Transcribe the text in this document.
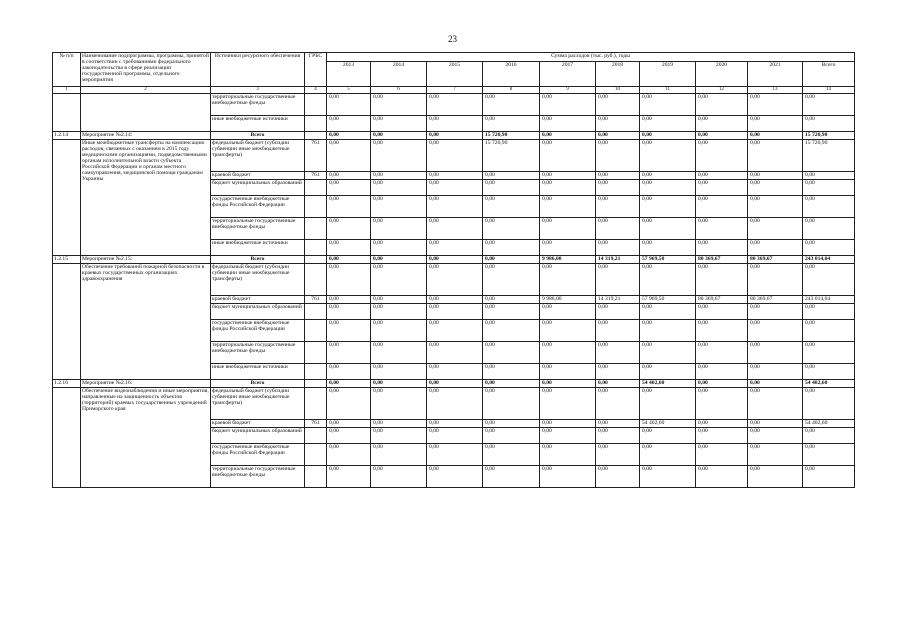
23
№ п/п	Наименование подпрограммы, программы, принятой в соответствии с требованиями федерального законодательства в сфере реализации государственной программы, отдельного мероприятия	Источники ресурсного обеспечения	ГРБС	Сумма расходов (тыс. руб.), годы									
				2013	2014	2015	2016	2017	2018	2019	2020	2021	Всего
1	2	3	4	5	6	7	8	9	10	11	12	13	14
		территориальные государственные внебюджетные фонды		0,00	0,00	0,00	0,00	0,00	0,00	0,00	0,00	0,00	0,00
		иные внебюджетные источники		0,00	0,00	0,00	0,00	0,00	0,00	0,00	0,00	0,00	0,00
1.2.14	Мероприятие №2.14:	Всего		0,00	0,00	0,00	15 720,90	0,00	0,00	0,00	0,00	0,00	15 720,90
	Иные межбюджетные трансферты на компенсацию расходов, связанных с оказанием в 2015 году медицинскими организациями, подведомственными органам исполнительной власти субъекта Российской Федерации и органам местного самоуправления, медицинской помощи гражданам Украины	федеральный бюджет (субсидии субвенции иные межбюджетные трансферты)	761	0,00	0,00	0,00	15 720,90	0,00	0,00	0,00	0,00	0,00	15 720,90
		краевой бюджет	761	0,00	0,00	0,00	0,00	0,00	0,00	0,00	0,00	0,00	0,00
		бюджет муниципальных образований		0,00	0,00	0,00	0,00	0,00	0,00	0,00	0,00	0,00	0,00
		государственные внебюджетные фонды Российской Федерации		0,00	0,00	0,00	0,00	0,00	0,00	0,00	0,00	0,00	0,00
		территориальные государственные внебюджетные фонды		0,00	0,00	0,00	0,00	0,00	0,00	0,00	0,00	0,00	0,00
		иные внебюджетные источники		0,00	0,00	0,00	0,00	0,00	0,00	0,00	0,00	0,00	0,00
1.2.15	Мероприятие №2.15:	Всего		0,00	0,00	0,00	0,00	9 986,00	14 319,21	57 969,50	80 369,67	80 369,67	243 014,04
	Обеспечение требований пожарной безопасности в краевых государственных организациях здравоохранения	федеральный бюджет (субсидии субвенции иные межбюджетные трансферты)		0,00	0,00	0,00	0,00	0,00	0,00	0,00	0,00	0,00	0,00
		краевой бюджет	761	0,00	0,00	0,00	0,00	9 986,00	14 319,21	57 969,50	80 369,67	80 369,67	243 014,04
		бюджет муниципальных образований		0,00	0,00	0,00	0,00	0,00	0,00	0,00	0,00	0,00	0,00
		государственные внебюджетные фонды Российской Федерации		0,00	0,00	0,00	0,00	0,00	0,00	0,00	0,00	0,00	0,00
		территориальные государственные внебюджетные фонды		0,00	0,00	0,00	0,00	0,00	0,00	0,00	0,00	0,00	0,00
		иные внебюджетные источники		0,00	0,00	0,00	0,00	0,00	0,00	0,00	0,00	0,00	0,00
1.2.16	Мероприятие №2.16:	Всего		0,00	0,00	0,00	0,00	0,00	0,00	54 402,60	0,00	0,00	54 402,60
	Обеспечение видеонаблюдения и иные мероприятия, направленные на защищенность объектов (территорий) краевых государственных учреждений Приморского края	федеральный бюджет (субсидии субвенции иные межбюджетные трансферты)		0,00	0,00	0,00	0,00	0,00	0,00	0,00	0,00	0,00	0,00
		краевой бюджет	761	0,00	0,00	0,00	0,00	0,00	0,00	54 402,60	0,00	0,00	54 402,60
		бюджет муниципальных образований		0,00	0,00	0,00	0,00	0,00	0,00	0,00	0,00	0,00	0,00
		государственные внебюджетные фонды Российской Федерации		0,00	0,00	0,00	0,00	0,00	0,00	0,00	0,00	0,00	0,00
		территориальные государственные внебюджетные фонды		0,00	0,00	0,00	0,00	0,00	0,00	0,00	0,00	0,00	0,00
